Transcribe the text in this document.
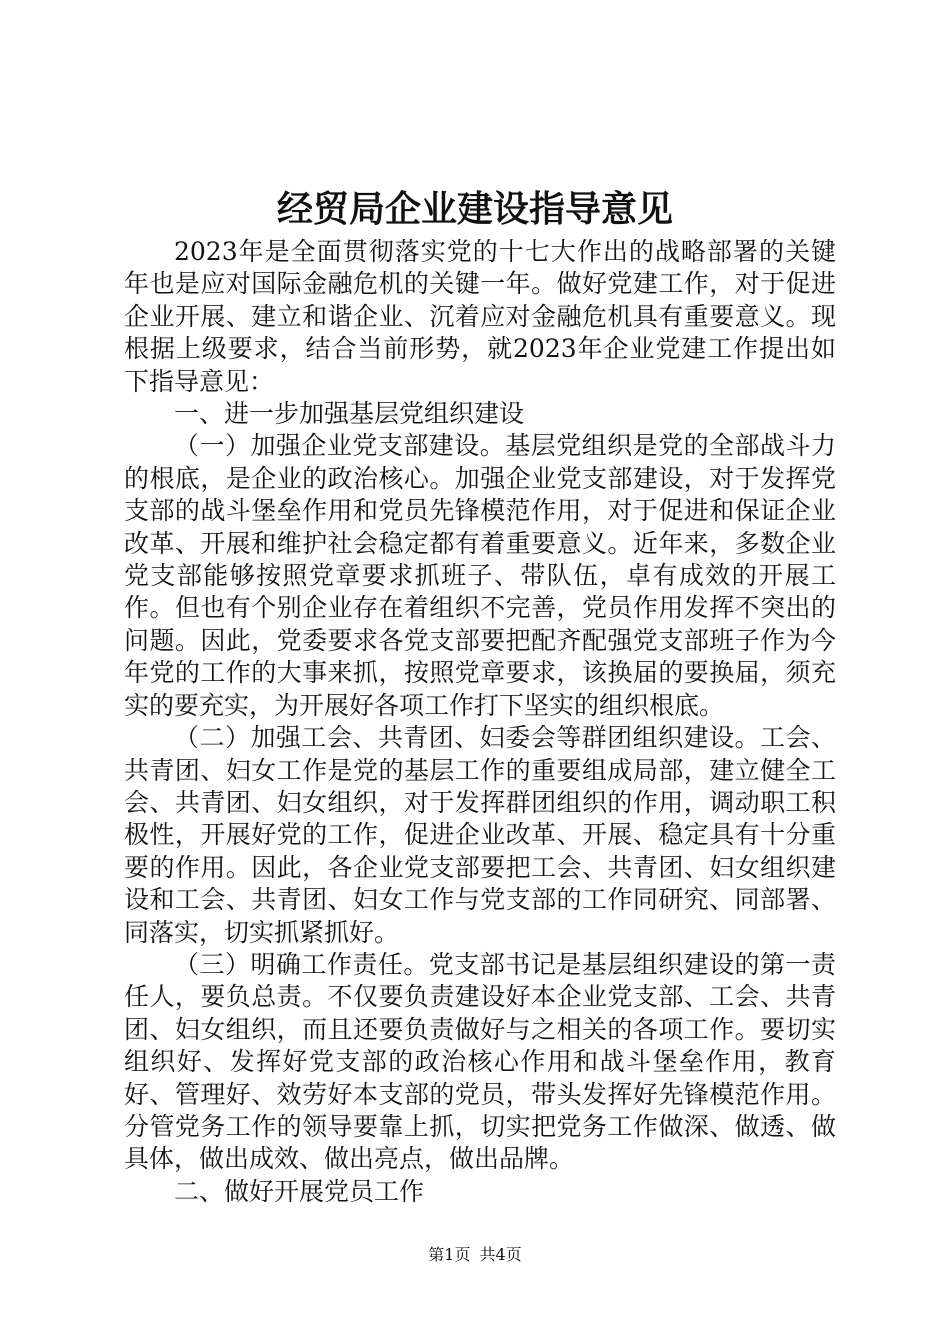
经贸局企业建设指导意见

2023年是全面贯彻落实党的十七大作出的战略部署的关键年也是应对国际金融危机的关键一年。做好党建工作，对于促进企业开展、建立和谐企业、沉着应对金融危机具有重要意义。现根据上级要求，结合当前形势，就2023年企业党建工作提出如下指导意见：

一、进一步加强基层党组织建设

（一）加强企业党支部建设。基层党组织是党的全部战斗力的根底，是企业的政治核心。加强企业党支部建设，对于发挥党支部的战斗堡垒作用和党员先锋模范作用，对于促进和保证企业改革、开展和维护社会稳定都有着重要意义。近年来，多数企业党支部能够按照党章要求抓班子、带队伍，卓有成效的开展工作。但也有个别企业存在着组织不完善，党员作用发挥不突出的问题。因此，党委要求各党支部要把配齐配强党支部班子作为今年党的工作的大事来抓，按照党章要求，该换届的要换届，须充实的要充实，为开展好各项工作打下坚实的组织根底。

（二）加强工会、共青团、妇委会等群团组织建设。工会、共青团、妇女工作是党的基层工作的重要组成局部，建立健全工会、共青团、妇女组织，对于发挥群团组织的作用，调动职工积极性，开展好党的工作，促进企业改革、开展、稳定具有十分重要的作用。因此，各企业党支部要把工会、共青团、妇女组织建设和工会、共青团、妇女工作与党支部的工作同研究、同部署、同落实，切实抓紧抓好。

（三）明确工作责任。党支部书记是基层组织建设的第一责任人，要负总责。不仅要负责建设好本企业党支部、工会、共青团、妇女组织，而且还要负责做好与之相关的各项工作。要切实组织好、发挥好党支部的政治核心作用和战斗堡垒作用，教育好、管理好、效劳好本支部的党员，带头发挥好先锋模范作用。分管党务工作的领导要靠上抓，切实把党务工作做深、做透、做具体，做出成效、做出亮点，做出品牌。

二、做好开展党员工作

第1页 共4页
